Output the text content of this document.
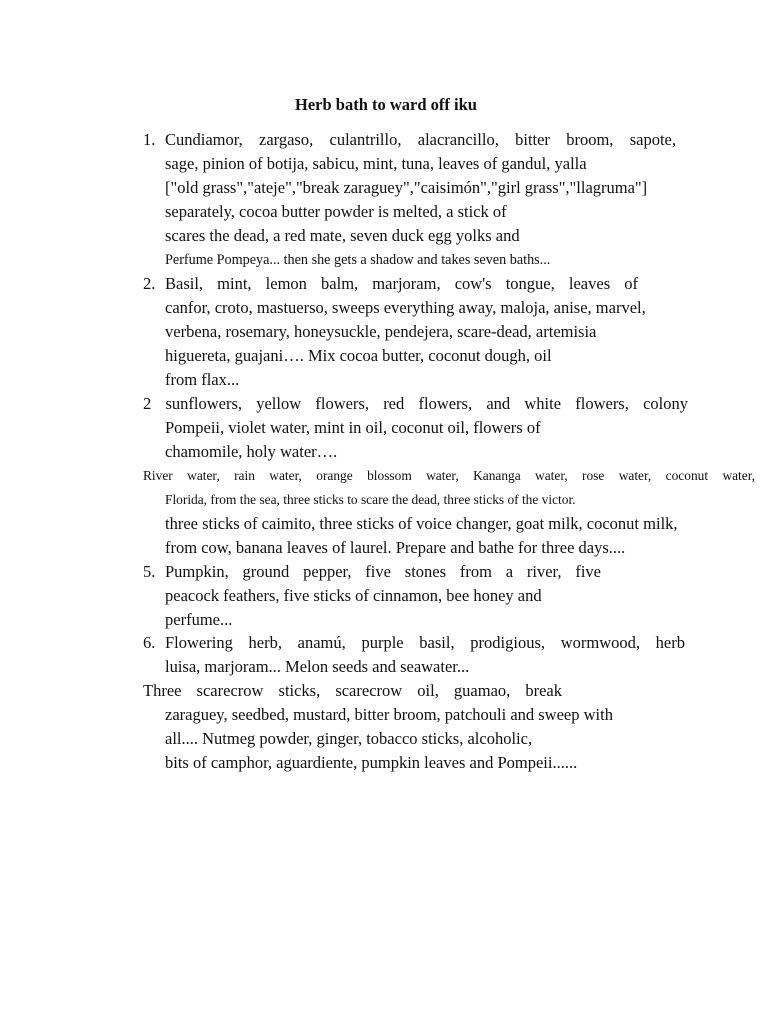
Herb bath to ward off iku
1. Cundiamor, zargaso, culantrillo, alacrancillo, bitter broom, sapote,
sage, pinion of botija, sabicu, mint, tuna, leaves of gandul, yalla
["old grass","ateje","break zaraguey","caisimón","girl grass","llagruma"]
separately, cocoa butter powder is melted, a stick of
scares the dead, a red mate, seven duck egg yolks and
Perfume Pompeya... then she gets a shadow and takes seven baths...
2. Basil, mint, lemon balm, marjoram, cow's tongue, leaves of
canfor, croto, mastuerso, sweeps everything away, maloja, anise, marvel,
verbena, rosemary, honeysuckle, pendejera, scare-dead, artemisia
higuereta, guajani…. Mix cocoa butter, coconut dough, oil
from flax...
2 sunflowers, yellow flowers, red flowers, and white flowers, colony
Pompeii, violet water, mint in oil, coconut oil, flowers of
chamomile, holy water….
River water, rain water, orange blossom water, Kananga water, rose water, coconut water,
Florida, from the sea, three sticks to scare the dead, three sticks of the victor.
three sticks of caimito, three sticks of voice changer, goat milk, coconut milk,
from cow, banana leaves of laurel. Prepare and bathe for three days....
5. Pumpkin, ground pepper, five stones from a river, five
peacock feathers, five sticks of cinnamon, bee honey and
perfume...
6. Flowering herb, anamú, purple basil, prodigious, wormwood, herb
luisa, marjoram... Melon seeds and seawater...
Three scarecrow sticks, scarecrow oil, guamao, break
zaraguey, seedbed, mustard, bitter broom, patchouli and sweep with
all.... Nutmeg powder, ginger, tobacco sticks, alcoholic,
bits of camphor, aguardiente, pumpkin leaves and Pompeii......
